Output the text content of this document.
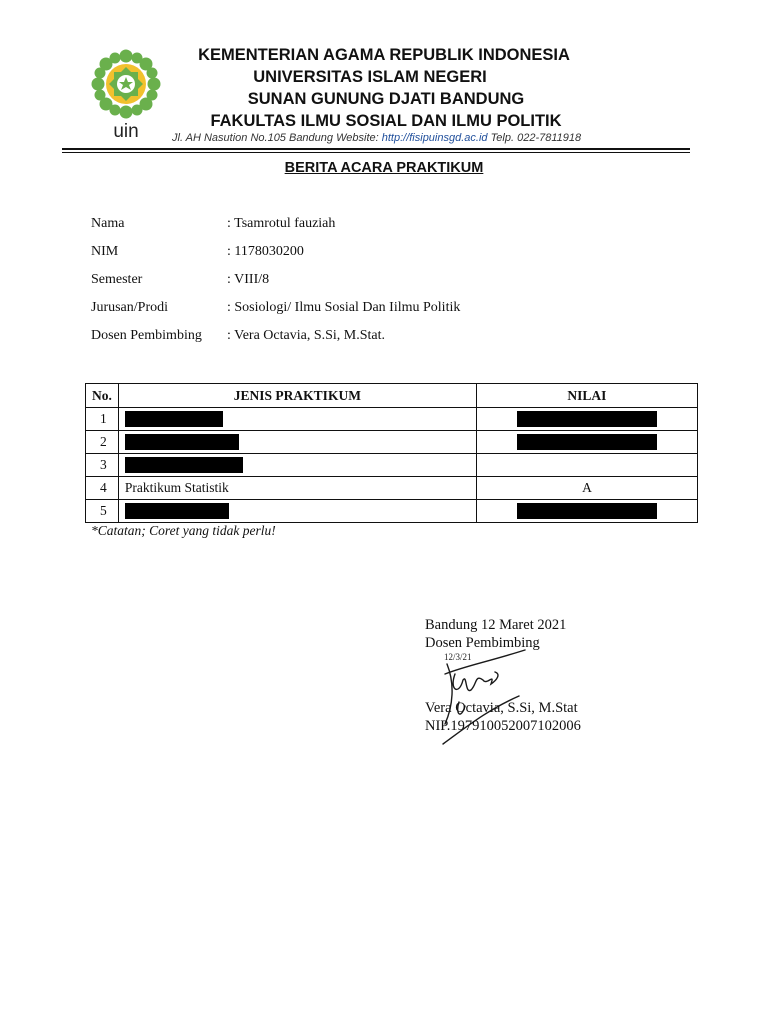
uin
KEMENTERIAN AGAMA REPUBLIK INDONESIA
UNIVERSITAS ISLAM NEGERI
SUNAN GUNUNG DJATI BANDUNG
FAKULTAS ILMU SOSIAL DAN ILMU POLITIK
Jl. AH Nasution No.105 Bandung Website: http://fisipuinsgd.ac.id Telp. 022-7811918
BERITA ACARA PRAKTIKUM
Nama	: Tsamrotul fauziah
NIM	: 1178030200
Semester	: VIII/8
Jurusan/Prodi	: Sosiologi/ Ilmu Sosial Dan Iilmu Politik
Dosen Pembimbing : Vera Octavia, S.Si, M.Stat.
No.	JENIS PRAKTIKUM	NILAI
1		
2		
3		
4	Praktikum Statistik	A
5		
*Catatan; Coret yang tidak perlu!
Bandung 12 Maret 2021
Dosen Pembimbing
12/3/21
Vera Octavia, S.Si, M.Stat
NIP.197910052007102006
